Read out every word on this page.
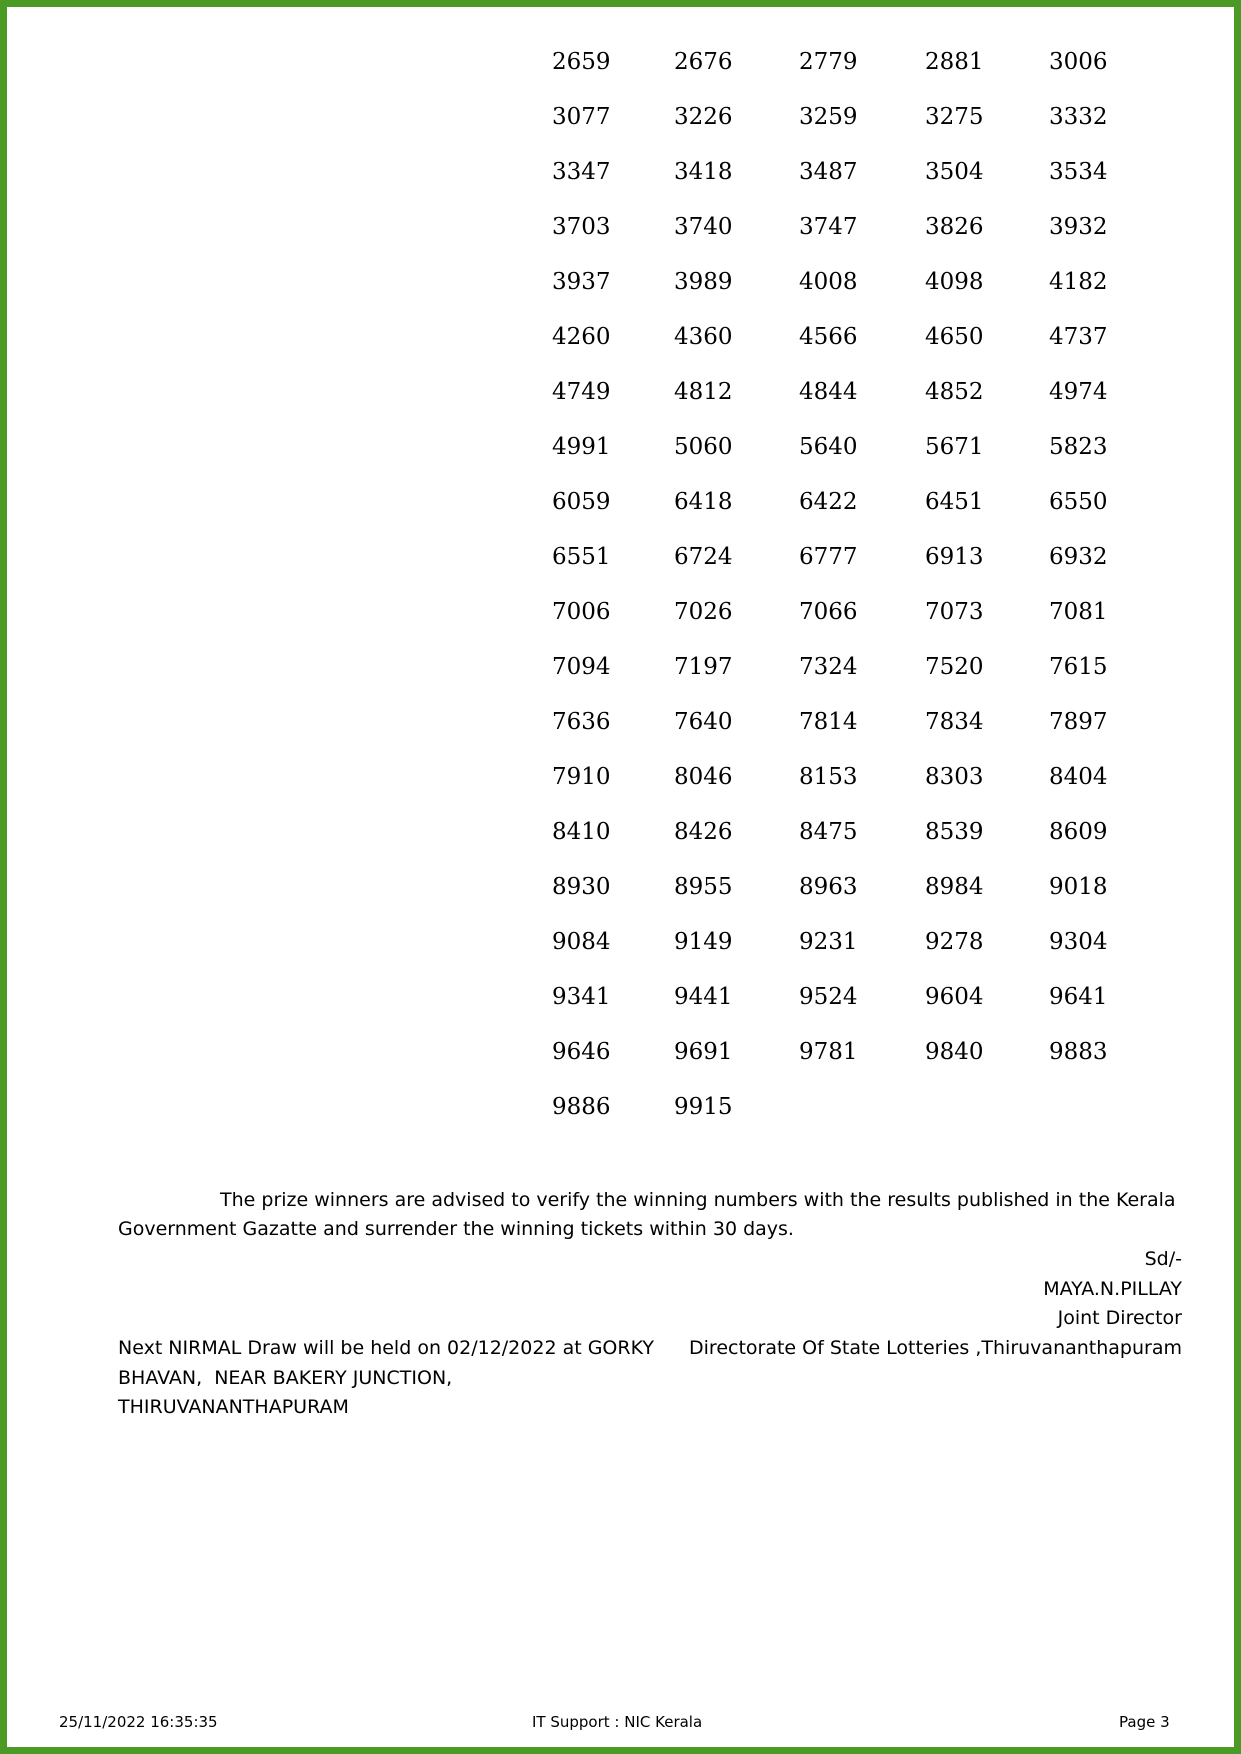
2659	2676	2779	2881	3006
3077	3226	3259	3275	3332
3347	3418	3487	3504	3534
3703	3740	3747	3826	3932
3937	3989	4008	4098	4182
4260	4360	4566	4650	4737
4749	4812	4844	4852	4974
4991	5060	5640	5671	5823
6059	6418	6422	6451	6550
6551	6724	6777	6913	6932
7006	7026	7066	7073	7081
7094	7197	7324	7520	7615
7636	7640	7814	7834	7897
7910	8046	8153	8303	8404
8410	8426	8475	8539	8609
8930	8955	8963	8984	9018
9084	9149	9231	9278	9304
9341	9441	9524	9604	9641
9646	9691	9781	9840	9883
9886	9915
The prize winners are advised to verify the winning numbers with the results published in the Kerala Government Gazatte and surrender the winning tickets within 30 days.
Sd/-
MAYA.N.PILLAY
Joint Director
Directorate Of State Lotteries ,Thiruvananthapuram
Next NIRMAL Draw will be held on 02/12/2022 at GORKY
BHAVAN,  NEAR BAKERY JUNCTION,
THIRUVANANTHAPURAM
25/11/2022 16:35:35	IT Support : NIC Kerala	Page 3
